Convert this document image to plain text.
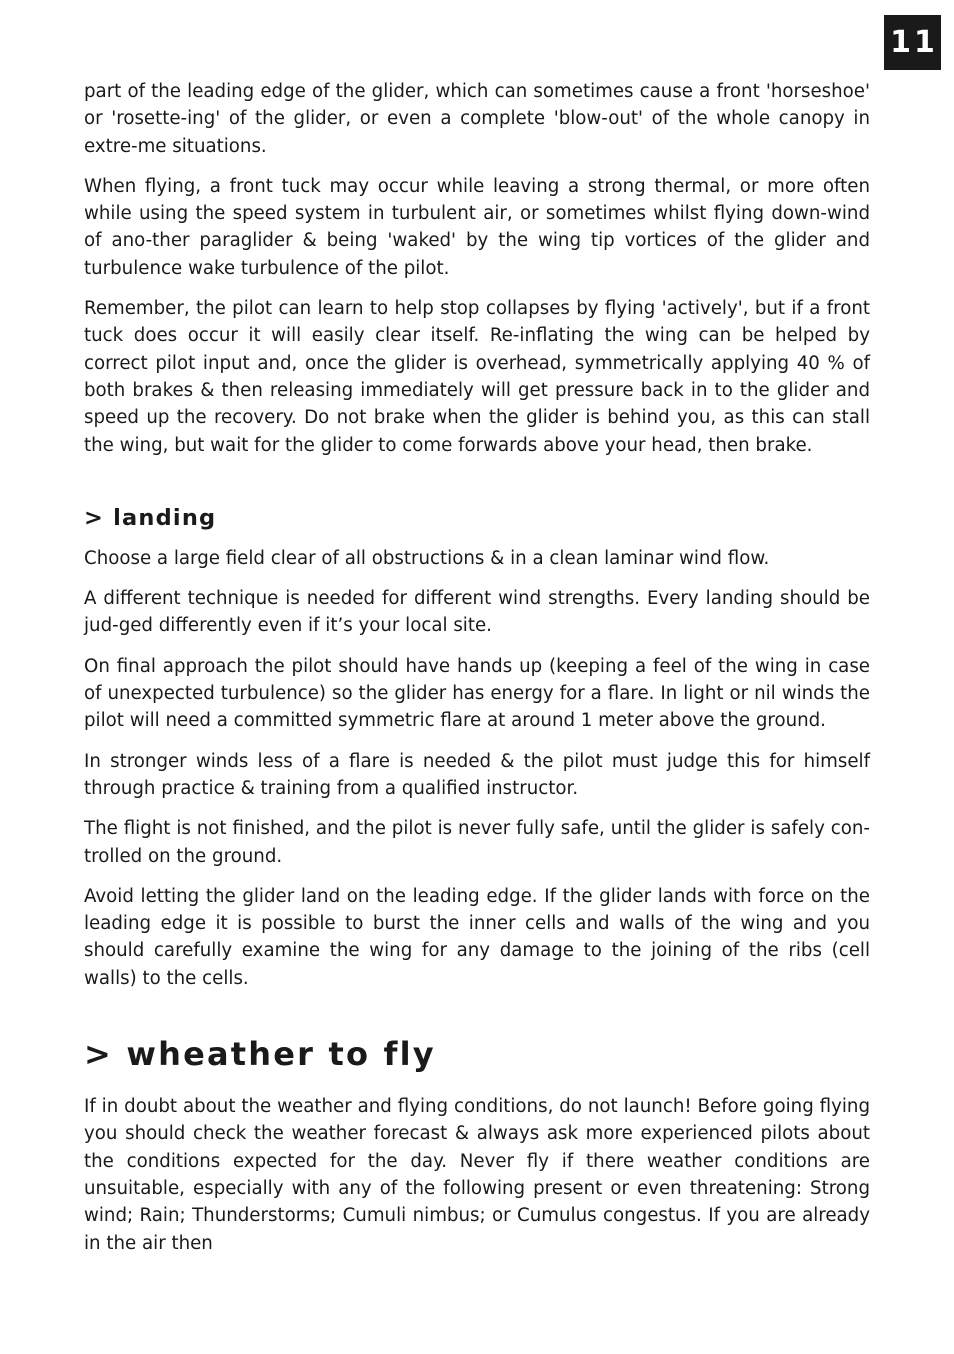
11

part of the leading edge of the glider, which can sometimes cause a front 'horseshoe' or 'rosette-ing' of the glider, or even a complete 'blow-out' of the whole canopy in extre-me situations.

When flying, a front tuck may occur while leaving a strong thermal, or more often while using the speed system in turbulent air, or sometimes whilst flying down-wind of ano-ther paraglider & being 'waked' by the wing tip vortices of the glider and turbulence wake turbulence of the pilot.

Remember, the pilot can learn to help stop collapses by flying 'actively', but if a front tuck does occur it will easily clear itself. Re-inflating the wing can be helped by correct pilot input and, once the glider is overhead, symmetrically applying 40 % of both brakes & then releasing immediately will get pressure back in to the glider and speed up the recovery. Do not brake when the glider is behind you, as this can stall the wing, but wait for the glider to come forwards above your head, then brake.

> landing

Choose a large field clear of all obstructions & in a clean laminar wind flow.

A different technique is needed for different wind strengths. Every landing should be jud-ged differently even if it’s your local site.

On final approach the pilot should have hands up (keeping a feel of the wing in case of unexpected turbulence) so the glider has energy for a flare. In light or nil winds the pilot will need a committed symmetric flare at around 1 meter above the ground.

In stronger winds less of a flare is needed & the pilot must judge this for himself through practice & training from a qualified instructor.

The flight is not finished, and the pilot is never fully safe, until the glider is safely con-trolled on the ground.

Avoid letting the glider land on the leading edge. If the glider lands with force on the leading edge it is possible to burst the inner cells and walls of the wing and you should carefully examine the wing for any damage to the joining of the ribs (cell walls) to the cells.

> wheather to fly

If in doubt about the weather and flying conditions, do not launch! Before going flying you should check the weather forecast & always ask more experienced pilots about the conditions expected for the day. Never fly if there weather conditions are unsuitable, especially with any of the following present or even threatening: Strong wind; Rain; Thunderstorms; Cumuli nimbus; or Cumulus congestus. If you are already in the air then
